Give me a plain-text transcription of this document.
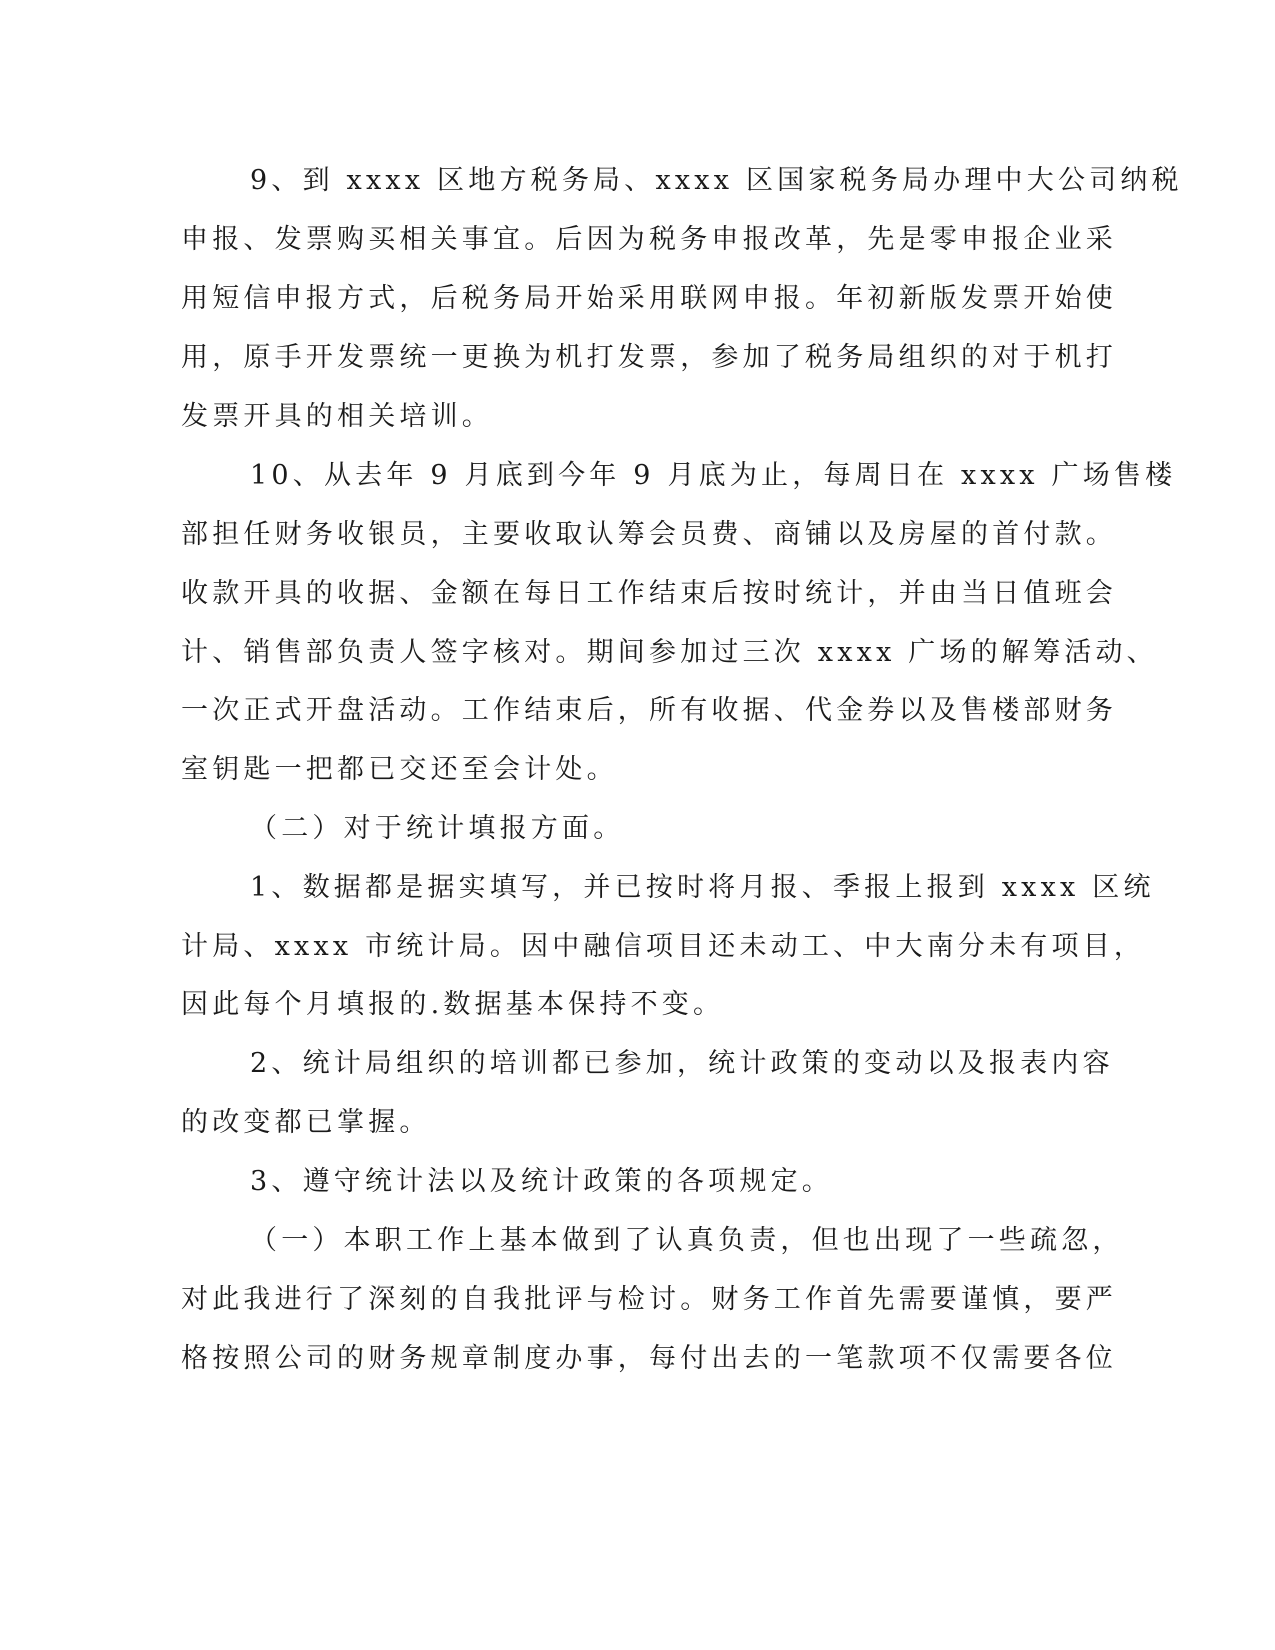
9、到 xxxx 区地方税务局、xxxx 区国家税务局办理中大公司纳税
申报、发票购买相关事宜。后因为税务申报改革，先是零申报企业采
用短信申报方式，后税务局开始采用联网申报。年初新版发票开始使
用，原手开发票统一更换为机打发票，参加了税务局组织的对于机打
发票开具的相关培训。
10、从去年 9 月底到今年 9 月底为止，每周日在 xxxx 广场售楼
部担任财务收银员，主要收取认筹会员费、商铺以及房屋的首付款。
收款开具的收据、金额在每日工作结束后按时统计，并由当日值班会
计、销售部负责人签字核对。期间参加过三次 xxxx 广场的解筹活动、
一次正式开盘活动。工作结束后，所有收据、代金券以及售楼部财务
室钥匙一把都已交还至会计处。
（二）对于统计填报方面。
1、数据都是据实填写，并已按时将月报、季报上报到 xxxx 区统
计局、xxxx 市统计局。因中融信项目还未动工、中大南分未有项目，
因此每个月填报的.数据基本保持不变。
2、统计局组织的培训都已参加，统计政策的变动以及报表内容
的改变都已掌握。
3、遵守统计法以及统计政策的各项规定。
（一）本职工作上基本做到了认真负责，但也出现了一些疏忽，
对此我进行了深刻的自我批评与检讨。财务工作首先需要谨慎，要严
格按照公司的财务规章制度办事，每付出去的一笔款项不仅需要各位
